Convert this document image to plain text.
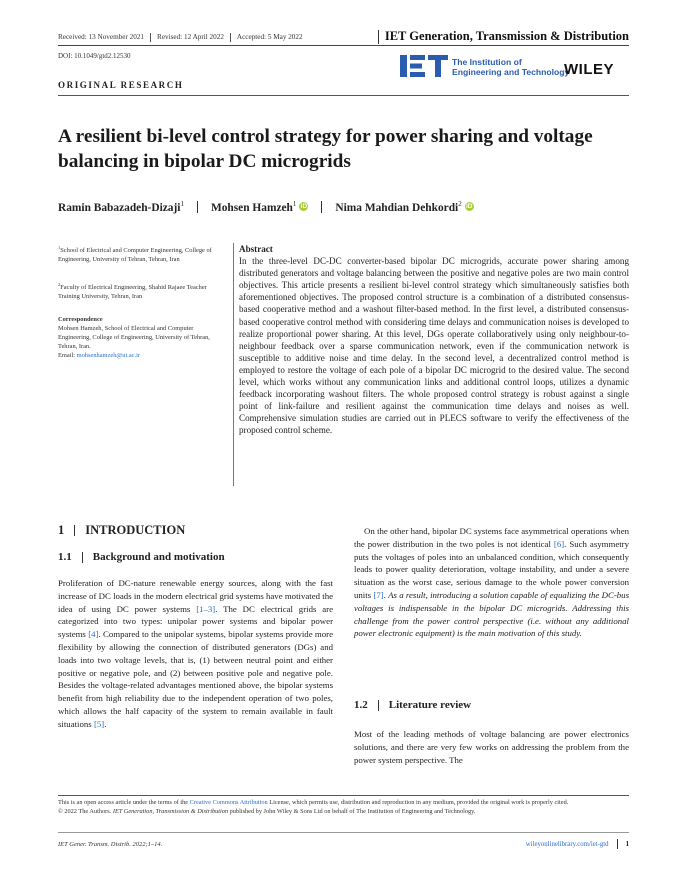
Received: 13 November 2021 Revised: 12 April 2022 Accepted: 5 May 2022	IET Generation, Transmission & Distribution
DOI: 10.1049/gtd2.12530
The Institution of
Engineering and Technology
WILEY
ORIGINAL RESEARCH
A resilient bi-level control strategy for power sharing and voltage balancing in bipolar DC microgrids
Ramin Babazadeh-Dizaji$^1$ Mohsen Hamzeh$^1$ iD Nima Mahdian Dehkordi$^2$ iD
$^1$School of Electrical and Computer Engineering, College of Engineering, University of Tehran, Tehran, Iran
$^2$Faculty of Electrical Engineering, Shahid Rajaee Teacher Training University, Tehran, Iran
Correspondence
Mohsen Hamzeh, School of Electrical and Computer Engineering, College of Engineering, University of Tehran, Tehran, Iran.
Email: mohsenhamzeh@ut.ac.ir
Abstract
In the three-level DC-DC converter-based bipolar DC microgrids, accurate power sharing among distributed generators and voltage balancing between the positive and negative poles are two main control objectives. This article presents a resilient bi-level control strategy which simultaneously satisfies both aforementioned objectives. The proposed control structure is a combination of a distributed consensus-based cooperative method and a washout filter-based method. In the first level, a distributed consensus-based cooperative control method with considering time delays and communication noises is developed to realize proportional power sharing. At this level, DGs operate collaboratively using only neighbour-to-neighbour feedback over a sparse communication network, even if the communication network is susceptible to additive noise and time delay. In the second level, a decentralized control method is employed to restore the voltage of each pole of a bipolar DC microgrid to the desired value. The second level, which works without any communication links and additional control loops, utilizes a dynamic feedback incorporating washout filters. The whole proposed control strategy is robust against a single point of link-failure and resilient against the communication time delays and noises as well. Comprehensive simulation studies are carried out in PLECS software to verify the effectiveness of the proposed control scheme.
1 INTRODUCTION
1.1 Background and motivation
Proliferation of DC-nature renewable energy sources, along with the fast increase of DC loads in the modern electrical grid systems have motivated the idea of using DC power systems [1–3]. The DC electrical grids are categorized into two types: unipolar power systems and bipolar power systems [4]. Compared to the unipolar systems, bipolar systems provide more flexibility by allowing the connection of distributed generators (DGs) and loads into two voltage levels, that is, (1) between neutral point and either positive or negative pole, and (2) between positive pole and negative pole. Besides the voltage-related advantages mentioned above, the bipolar systems benefit from high reliability due to the independent operation of two poles, which allows the half capacity of the system to remain available in fault situations [5].
On the other hand, bipolar DC systems face asymmetrical operations when the power distribution in the two poles is not identical [6]. Such asymmetry puts the voltages of poles into an unbalanced condition, which consequently leads to power quality deterioration, voltage instability, and under a severe situation as the worst case, serious damage to the whole power conversion units [7]. As a result, introducing a solution capable of equalizing the DC-bus voltages is indispensable in the bipolar DC microgrids. Addressing this challenge from the power control perspective (i.e. without any additional power electronic equipment) is the main motivation of this study.
1.2 Literature review
Most of the leading methods of voltage balancing are power electronics solutions, and there are very few works on addressing the problem from the power system perspective. The
This is an open access article under the terms of the Creative Commons Attribution License, which permits use, distribution and reproduction in any medium, provided the original work is properly cited.
© 2022 The Authors. IET Generation, Transmission & Distribution published by John Wiley & Sons Ltd on behalf of The Institution of Engineering and Technology.
IET Gener. Transm. Distrib. 2022;1–14.	wileyonlinelibrary.com/iet-gtd	1
